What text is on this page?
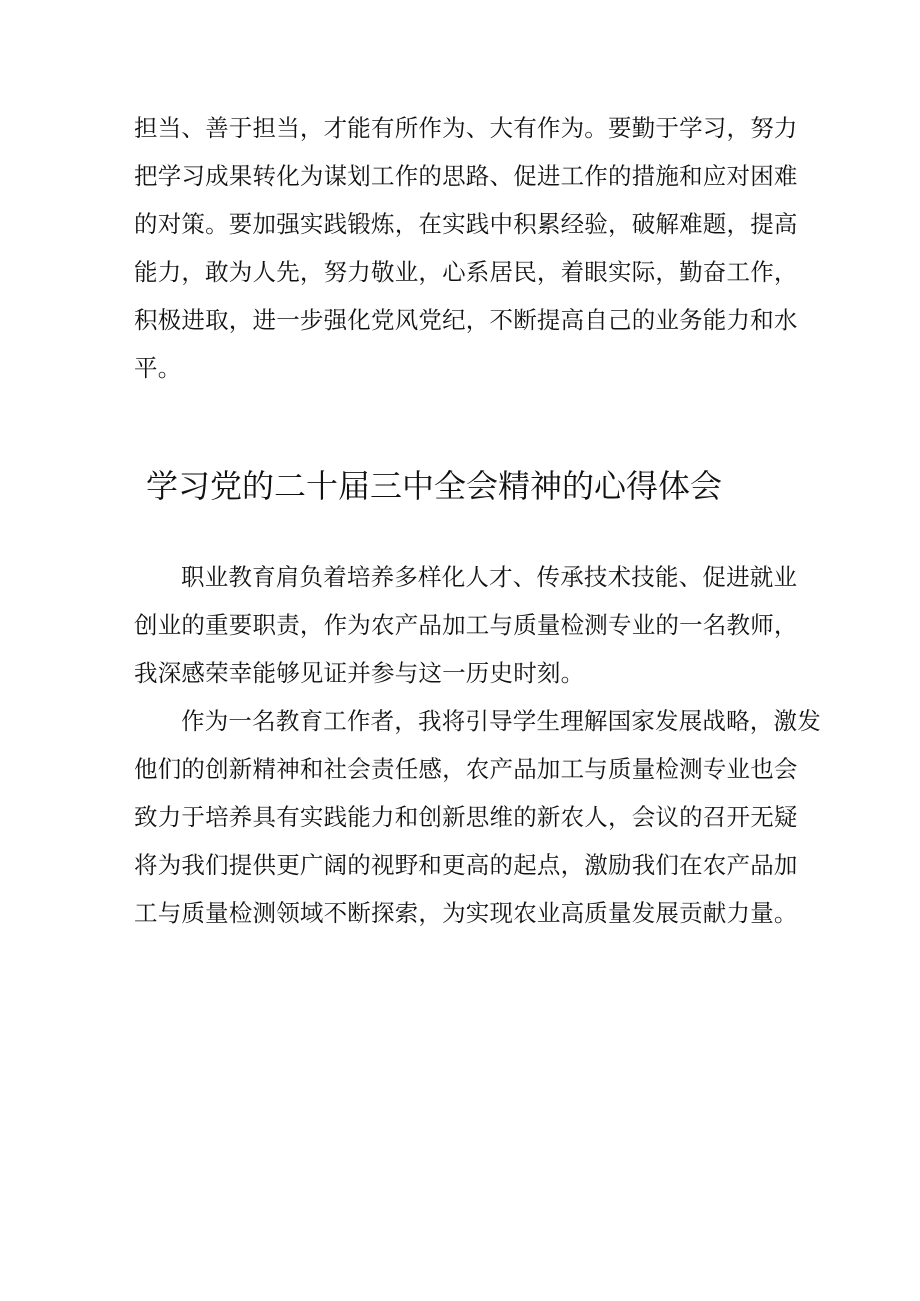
担当、善于担当，才能有所作为、大有作为。要勤于学习，努力
把学习成果转化为谋划工作的思路、促进工作的措施和应对困难
的对策。要加强实践锻炼，在实践中积累经验，破解难题，提高
能力，敢为人先，努力敬业，心系居民，着眼实际，勤奋工作，
积极进取，进一步强化党风党纪，不断提高自己的业务能力和水
平。
学习党的二十届三中全会精神的心得体会
职业教育肩负着培养多样化人才、传承技术技能、促进就业
创业的重要职责，作为农产品加工与质量检测专业的一名教师，
我深感荣幸能够见证并参与这一历史时刻。
作为一名教育工作者，我将引导学生理解国家发展战略，激发
他们的创新精神和社会责任感，农产品加工与质量检测专业也会
致力于培养具有实践能力和创新思维的新农人，会议的召开无疑
将为我们提供更广阔的视野和更高的起点，激励我们在农产品加
工与质量检测领域不断探索，为实现农业高质量发展贡献力量。
